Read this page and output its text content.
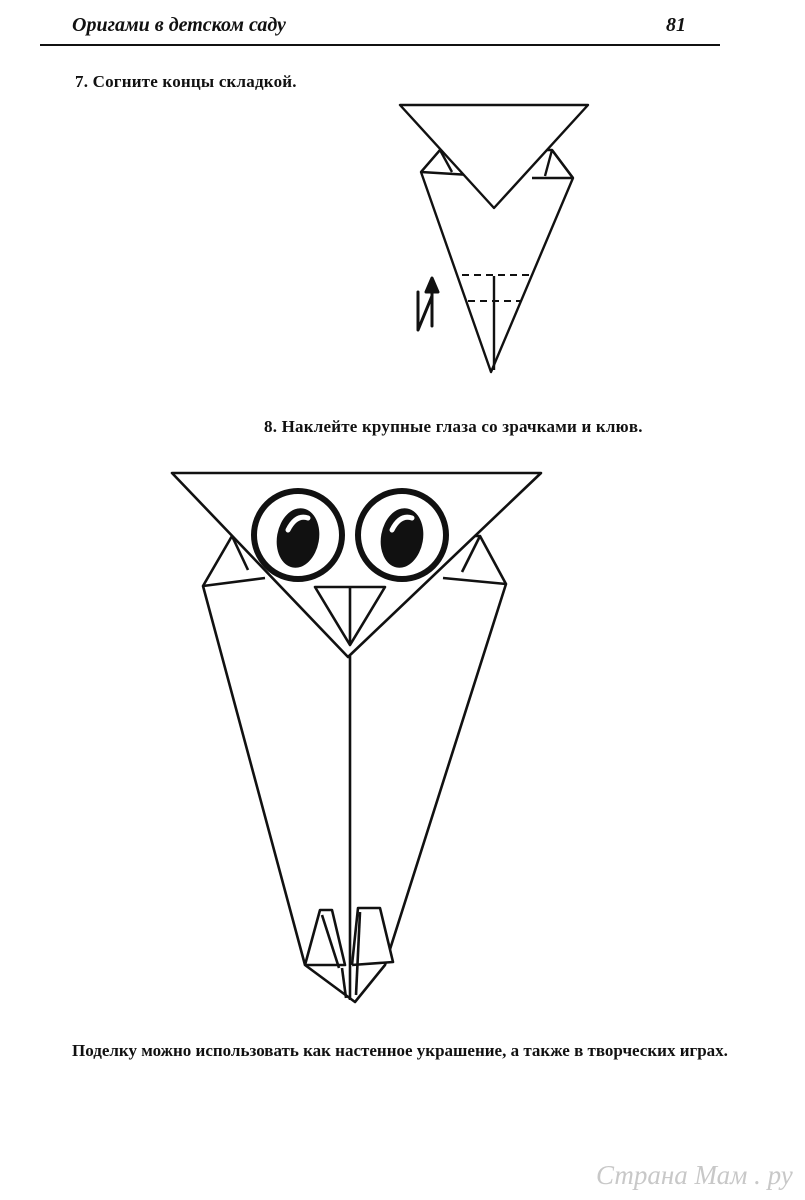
Оригами в детском саду	81
7. Согните концы складкой.
8. Наклейте крупные глаза со зрачками и клюв.
Поделку можно использовать как настенное украшение, а также в творческих играх.
Страна Мам . ру
